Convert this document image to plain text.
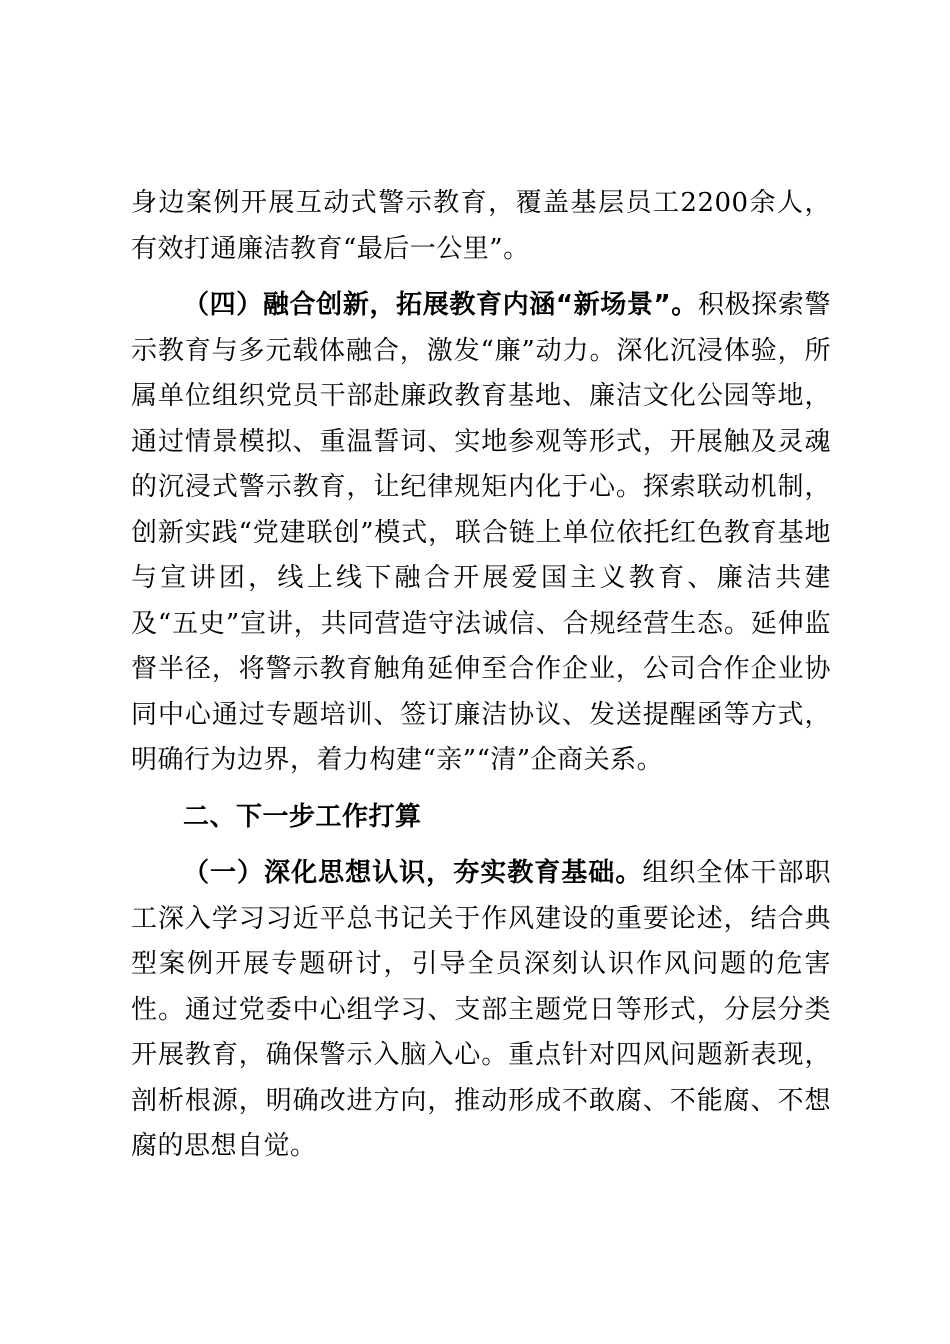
身边案例开展互动式警示教育，覆盖基层员工2200余人，有效打通廉洁教育“最后一公里”。

（四）融合创新，拓展教育内涵“新场景”。积极探索警示教育与多元载体融合，激发“廉”动力。深化沉浸体验，所属单位组织党员干部赴廉政教育基地、廉洁文化公园等地，通过情景模拟、重温誓词、实地参观等形式，开展触及灵魂的沉浸式警示教育，让纪律规矩内化于心。探索联动机制，创新实践“党建联创”模式，联合链上单位依托红色教育基地与宣讲团，线上线下融合开展爱国主义教育、廉洁共建及“五史”宣讲，共同营造守法诚信、合规经营生态。延伸监督半径，将警示教育触角延伸至合作企业，公司合作企业协同中心通过专题培训、签订廉洁协议、发送提醒函等方式，明确行为边界，着力构建“亲”“清”企商关系。

二、下一步工作打算

（一）深化思想认识，夯实教育基础。组织全体干部职工深入学习习近平总书记关于作风建设的重要论述，结合典型案例开展专题研讨，引导全员深刻认识作风问题的危害性。通过党委中心组学习、支部主题党日等形式，分层分类开展教育，确保警示入脑入心。重点针对四风问题新表现，剖析根源，明确改进方向，推动形成不敢腐、不能腐、不想腐的思想自觉。
